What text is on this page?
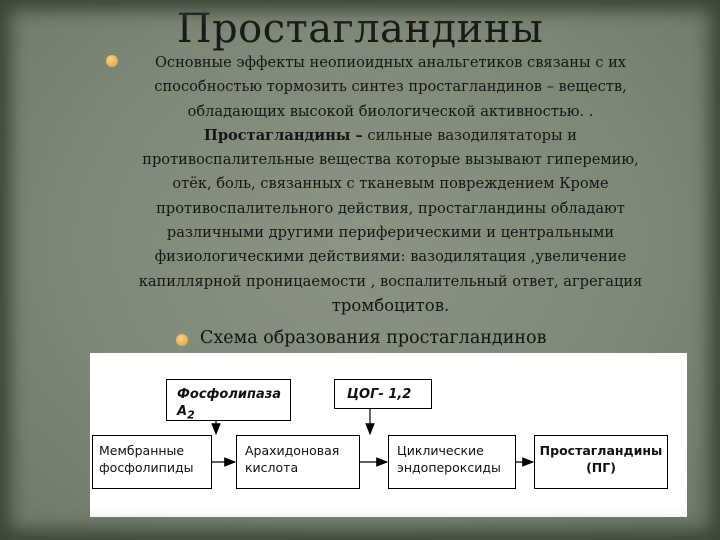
Простагландины
Основные эффекты неопиоидных анальгетиков связаны с их
способностью тормозить синтез простагландинов – веществ,
обладающих высокой биологической активностью. .
Простагландины – сильные вазодилятаторы и
противоспалительные вещества которые вызывают гиперемию,
отёк, боль, связанных с тканевым повреждением Кроме
противоспалительного действия, простагландины обладают
различными другими периферическими и центральными
физиологическими действиями: вазодилятация ,увеличение
капиллярной проницаемости , воспалительный ответ, агрегация
тромбоцитов.
Схема образования простагландинов
Фосфолипаза $А_2$
ЦОГ- 1,2
Мембранные
фосфолипиды
Арахидоновая
кислота
Циклические
эндопероксиды
Простагландины
(ПГ)
